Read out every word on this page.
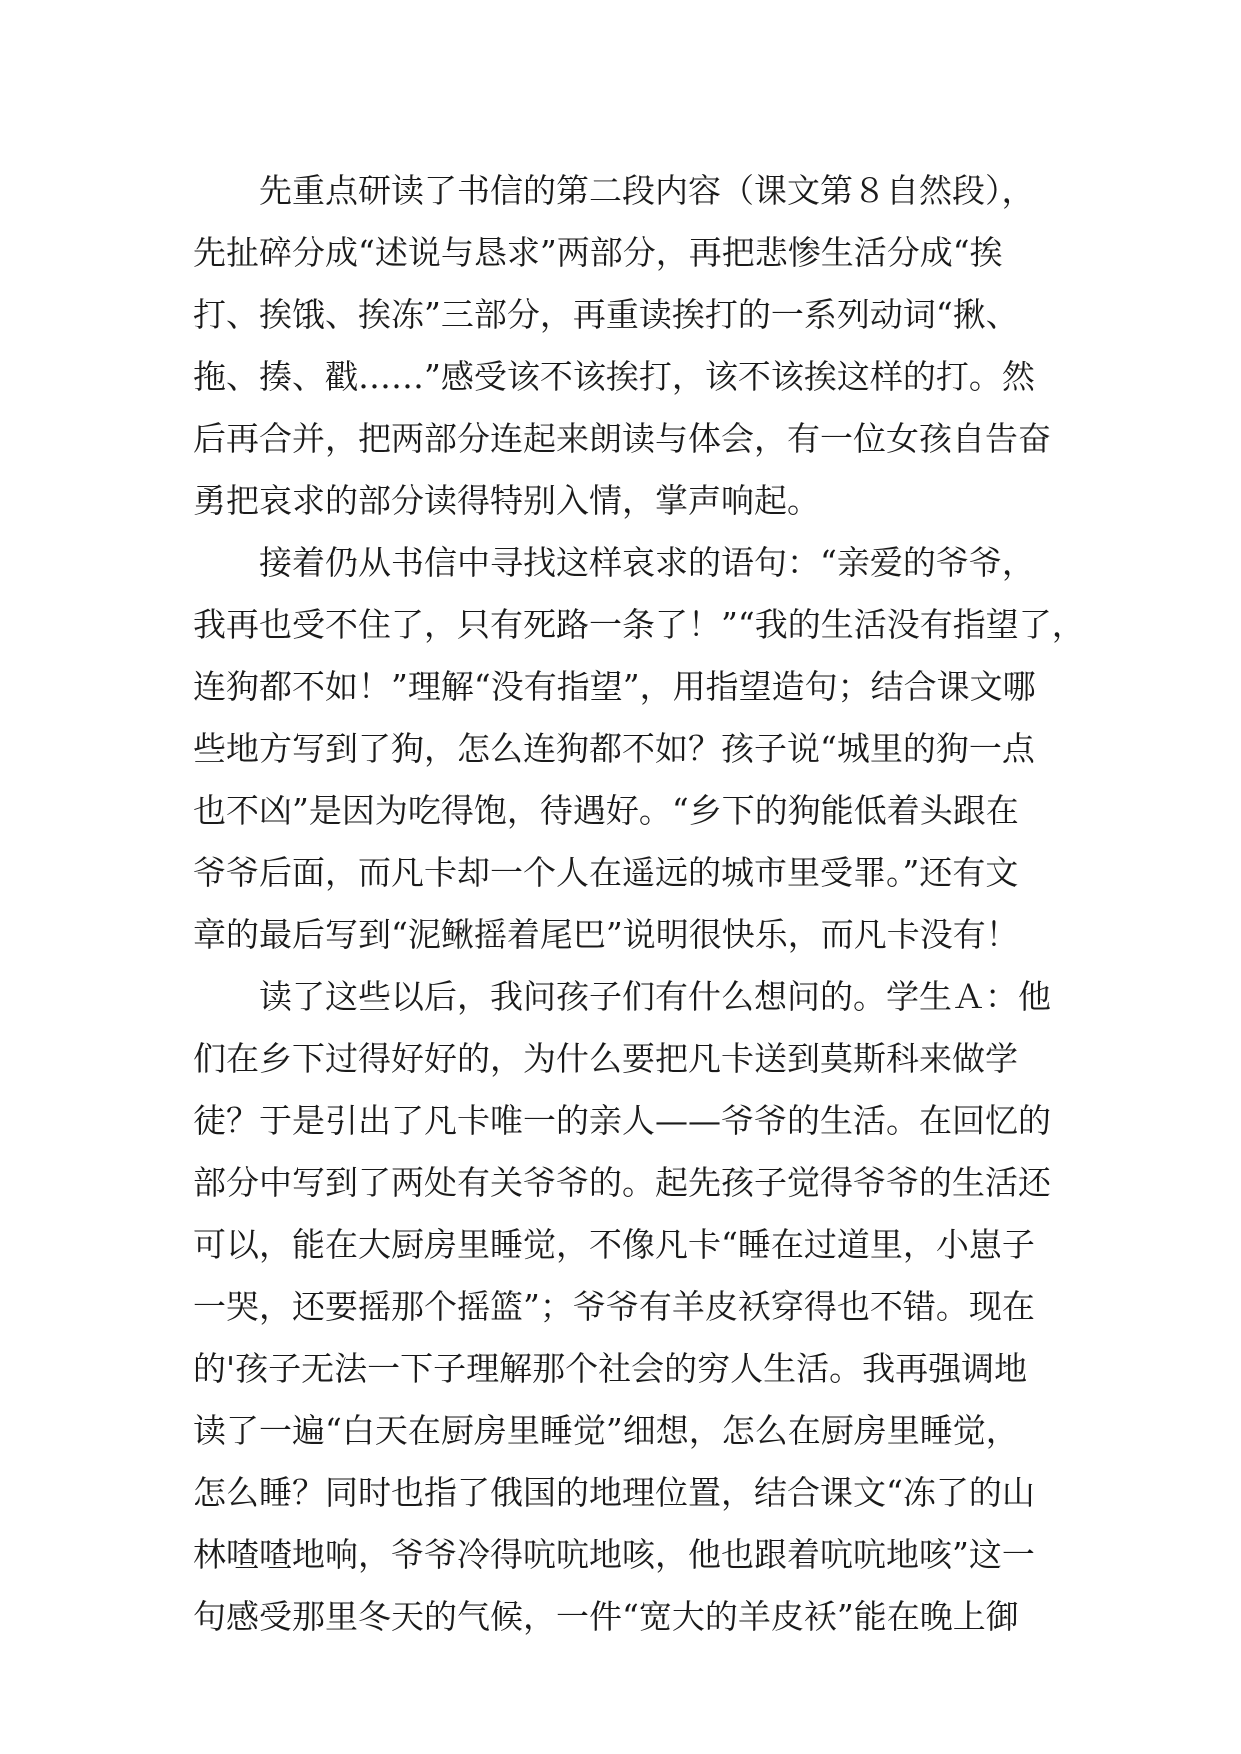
先重点研读了书信的第二段内容（课文第８自然段），
先扯碎分成“述说与恳求”两部分，再把悲惨生活分成“挨
打、挨饿、挨冻”三部分，再重读挨打的一系列动词“揪、
拖、揍、戳……”感受该不该挨打，该不该挨这样的打。然
后再合并，把两部分连起来朗读与体会，有一位女孩自告奋
勇把哀求的部分读得特别入情，掌声响起。
接着仍从书信中寻找这样哀求的语句：“亲爱的爷爷，
我再也受不住了，只有死路一条了！”“我的生活没有指望了，
连狗都不如！”理解“没有指望”，用指望造句；结合课文哪
些地方写到了狗，怎么连狗都不如？孩子说“城里的狗一点
也不凶”是因为吃得饱，待遇好。“乡下的狗能低着头跟在
爷爷后面，而凡卡却一个人在遥远的城市里受罪。”还有文
章的最后写到“泥鳅摇着尾巴”说明很快乐，而凡卡没有！
读了这些以后，我问孩子们有什么想问的。学生Ａ：他
们在乡下过得好好的，为什么要把凡卡送到莫斯科来做学
徒？于是引出了凡卡唯一的亲人——爷爷的生活。在回忆的
部分中写到了两处有关爷爷的。起先孩子觉得爷爷的生活还
可以，能在大厨房里睡觉，不像凡卡“睡在过道里，小崽子
一哭，还要摇那个摇篮”；爷爷有羊皮袄穿得也不错。现在
的'孩子无法一下子理解那个社会的穷人生活。我再强调地
读了一遍“白天在厨房里睡觉”细想，怎么在厨房里睡觉，
怎么睡？同时也指了俄国的地理位置，结合课文“冻了的山
林喳喳地响，爷爷冷得吭吭地咳，他也跟着吭吭地咳”这一
句感受那里冬天的气候，一件“宽大的羊皮袄”能在晚上御
